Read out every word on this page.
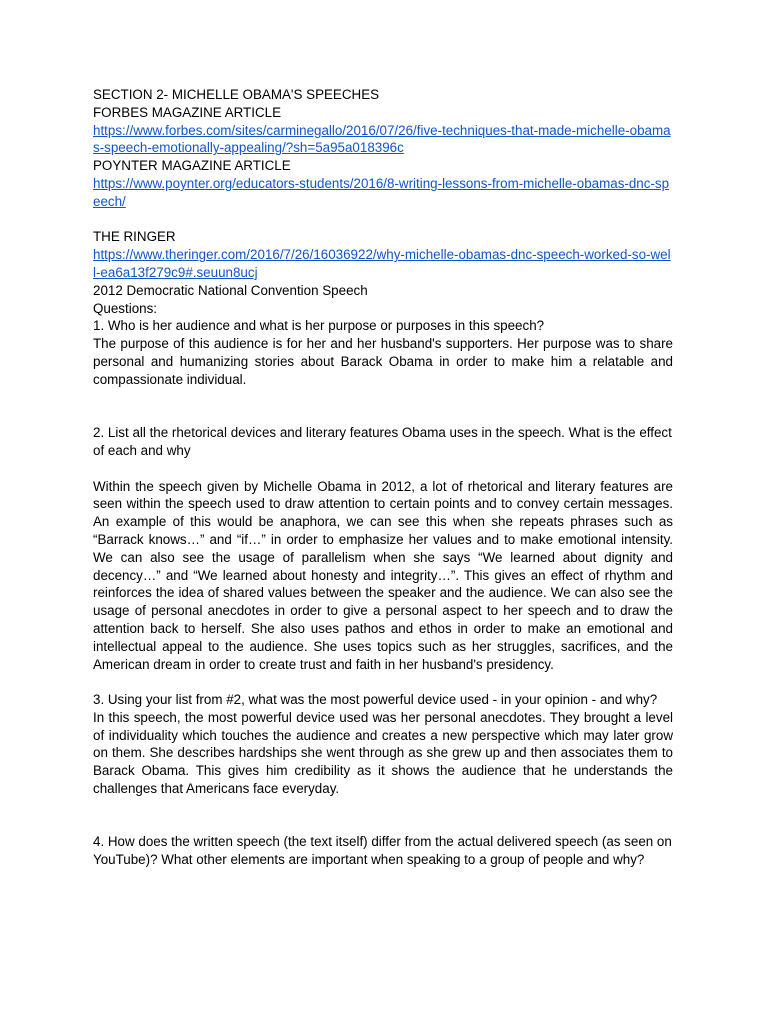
SECTION 2- MICHELLE OBAMA'S SPEECHES

FORBES MAGAZINE ARTICLE

https://www.forbes.com/sites/carminegallo/2016/07/26/five-techniques-that-made-michelle-obamas-speech-emotionally-appealing/?sh=5a95a018396c

POYNTER MAGAZINE ARTICLE

https://www.poynter.org/educators-students/2016/8-writing-lessons-from-michelle-obamas-dnc-speech/

THE RINGER

https://www.theringer.com/2016/7/26/16036922/why-michelle-obamas-dnc-speech-worked-so-well-ea6a13f279c9#.seuun8ucj

2012 Democratic National Convention Speech

Questions:

1. Who is her audience and what is her purpose or purposes in this speech?

The purpose of this audience is for her and her husband's supporters. Her purpose was to share personal and humanizing stories about Barack Obama in order to make him a relatable and compassionate individual.

2. List all the rhetorical devices and literary features Obama uses in the speech. What is the effect of each and why

Within the speech given by Michelle Obama in 2012, a lot of rhetorical and literary features are seen within the speech used to draw attention to certain points and to convey certain messages. An example of this would be anaphora, we can see this when she repeats phrases such as “Barrack knows…” and “if…” in order to emphasize her values and to make emotional intensity. We can also see the usage of parallelism when she says “We learned about dignity and decency…” and “We learned about honesty and integrity…”. This gives an effect of rhythm and reinforces the idea of shared values between the speaker and the audience. We can also see the usage of personal anecdotes in order to give a personal aspect to her speech and to draw the attention back to herself. She also uses pathos and ethos in order to make an emotional and intellectual appeal to the audience. She uses topics such as her struggles, sacrifices, and the American dream in order to create trust and faith in her husband's presidency.

3. Using your list from #2, what was the most powerful device used - in your opinion - and why?

In this speech, the most powerful device used was her personal anecdotes. They brought a level of individuality which touches the audience and creates a new perspective which may later grow on them. She describes hardships she went through as she grew up and then associates them to Barack Obama. This gives him credibility as it shows the audience that he understands the challenges that Americans face everyday.

4. How does the written speech (the text itself) differ from the actual delivered speech (as seen on YouTube)? What other elements are important when speaking to a group of people and why?
